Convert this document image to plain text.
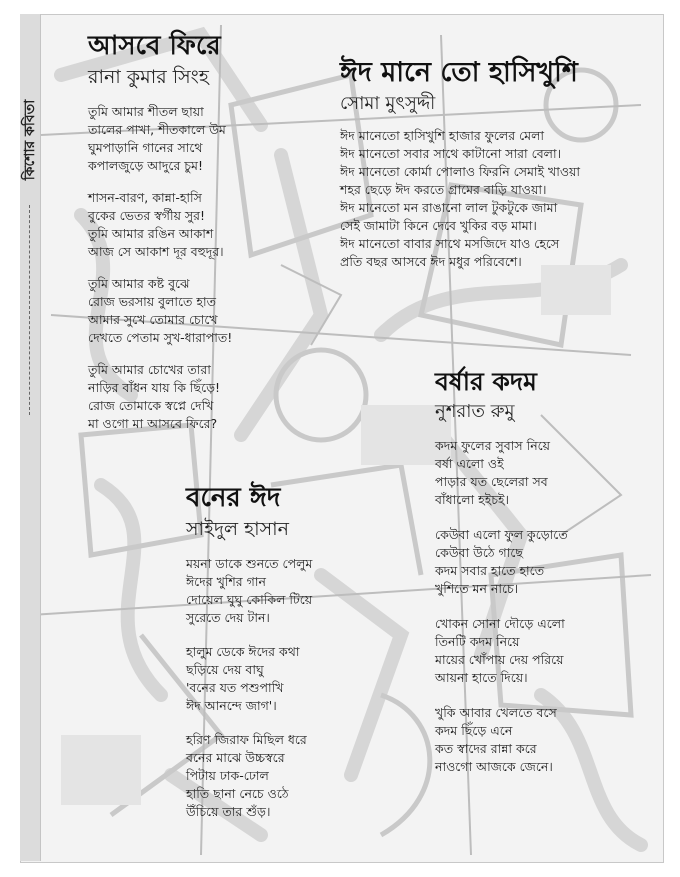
কিশোর কবিতা
আসবে ফিরে
রানা কুমার সিংহ
তুমি আমার শীতল ছায়া
তালের পাখা, শীতকালে উম
ঘুমপাড়ানি গানের সাথে
কপালজুড়ে আদুরে চুম!
শাসন-বারণ, কান্না-হাসি
বুকের ভেতর স্বর্গীয় সুর!
তুমি আমার রঙিন আকাশ
আজ সে আকাশ দূর বহুদূর।
তুমি আমার কষ্ট বুঝে
রোজ ভরসায় বুলাতে হাত
আমার সুখে তোমার চোখে
দেখতে পেতাম সুখ-ধারাপাত!
তুমি আমার চোখের তারা
নাড়ির বাঁধন যায় কি ছিঁড়ে!
রোজ তোমাকে স্বপ্নে দেখি
মা ওগো মা আসবে ফিরে?
ঈদ মানে তো হাসিখুশি
সোমা মুৎসুদ্দী
ঈদ মানেতো হাসিখুশি হাজার ফুলের মেলা
ঈদ মানেতো সবার সাথে কাটানো সারা বেলা।
ঈদ মানেতো কোর্মা পোলাও ফিরনি সেমাই খাওয়া
শহর ছেড়ে ঈদ করতে গ্রামের বাড়ি যাওয়া।
ঈদ মানেতো মন রাঙানো লাল টুকটুকে জামা
সেই জামাটা কিনে দেবে খুকির বড় মামা।
ঈদ মানেতো বাবার সাথে মসজিদে যাও হেসে
প্রতি বছর আসবে ঈদ মধুর পরিবেশে।
বর্ষার কদম
নুশরাত রুমু
কদম ফুলের সুবাস নিয়ে
বর্ষা এলো ওই
পাড়ার যত ছেলেরা সব
বাঁধালো হইচই।
কেউবা এলো ফুল কুড়োতে
কেউবা উঠে গাছে
কদম সবার হাতে হাতে
খুশিতে মন নাচে।
খোকন সোনা দৌড়ে এলো
তিনটি কদম নিয়ে
মায়ের খোঁপায় দেয় পরিয়ে
আয়না হাতে দিয়ে।
খুকি আবার খেলতে বসে
কদম ছিঁড়ে এনে
কত স্বাদের রান্না করে
নাওগো আজকে জেনে।
বনের ঈদ
সাইদুল হাসান
ময়না ডাকে শুনতে পেলুম
ঈদের খুশির গান
দোয়েল ঘুঘু কোকিল টিয়ে
সুরেতে দেয় টান।
হালুম ডেকে ঈদের কথা
ছড়িয়ে দেয় বাঘু
'বনের যত পশুপাখি
ঈদ আনন্দে জাগ'।
হরিণ জিরাফ মিছিল ধরে
বনের মাঝে উচ্চস্বরে
পিটায় ঢাক-ঢোল
হাতি ছানা নেচে ওঠে
উঁচিয়ে তার শুঁড়।
